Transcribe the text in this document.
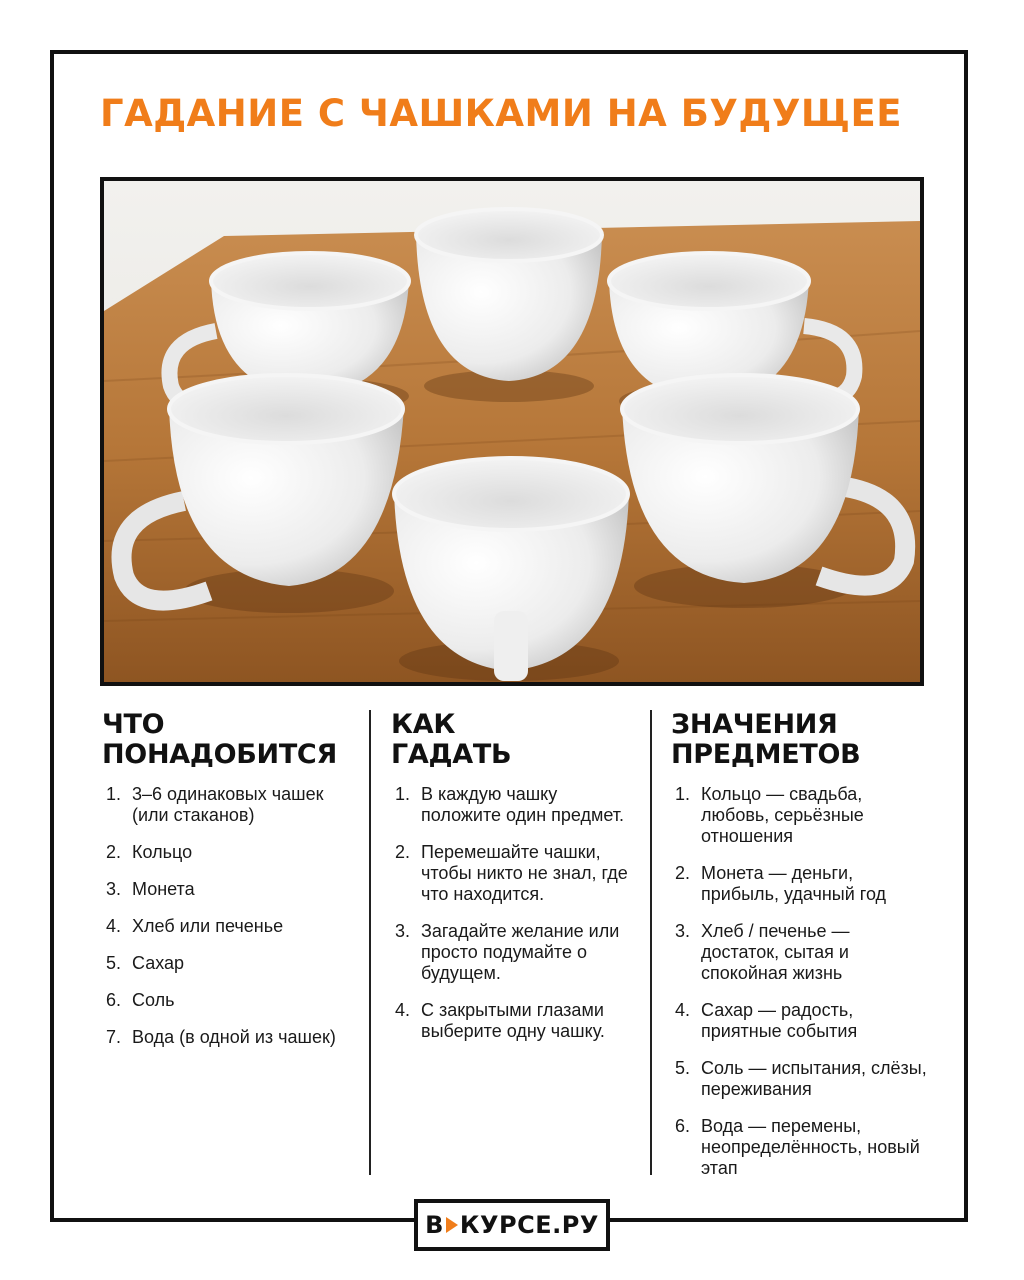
ГАДАНИЕ С ЧАШКАМИ НА БУДУЩЕЕ
ЧТО
ПОНАДОБИТСЯ
1. 3–6 одинаковых чашек (или стаканов)
2. Кольцо
3. Монета
4. Хлеб или печенье
5. Сахар
6. Соль
7. Вода (в одной из чашек)
КАК
ГАДАТЬ
1. В каждую чашку положите один предмет.
2. Перемешайте чашки, чтобы никто не знал, где что находится.
3. Загадайте желание или просто подумайте о будущем.
4. С закрытыми глазами выберите одну чашку.
ЗНАЧЕНИЯ
ПРЕДМЕТОВ
1. Кольцо — свадьба, любовь, серьёзные отношения
2. Монета — деньги, прибыль, удачный год
3. Хлеб / печенье — достаток, сытая и спокойная жизнь
4. Сахар — радость, приятные события
5. Соль — испытания, слёзы, переживания
6. Вода — перемены, неопределённость, новый этап
В КУРСЕ.РУ
